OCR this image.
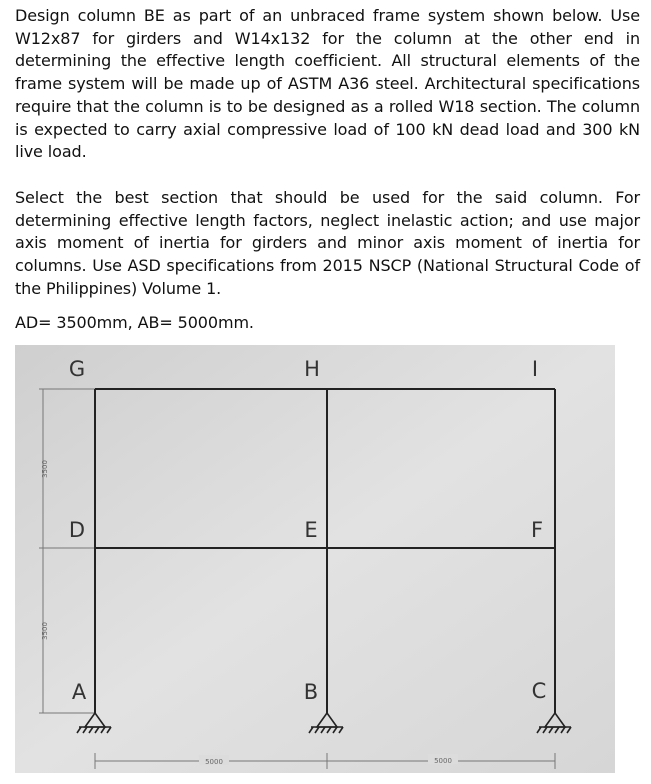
Design column BE as part of an unbraced frame system shown below. Use W12x87 for girders and W14x132 for the column at the other end in determining the effective length coefficient. All structural elements of the frame system will be made up of ASTM A36 steel. Architectural specifications require that the column is to be designed as a rolled W18 section. The column is expected to carry axial compressive load of 100 kN dead load and 300 kN live load.

Select the best section that should be used for the said column. For determining effective length factors, neglect inelastic action; and use major axis moment of inertia for girders and minor axis moment of inertia for columns. Use ASD specifications from 2015 NSCP (National Structural Code of the Philippines) Volume 1.

AD= 3500mm, AB= 5000mm.

3500
3500
5000	5000
G	H	I
D	E	F
A	B	C
